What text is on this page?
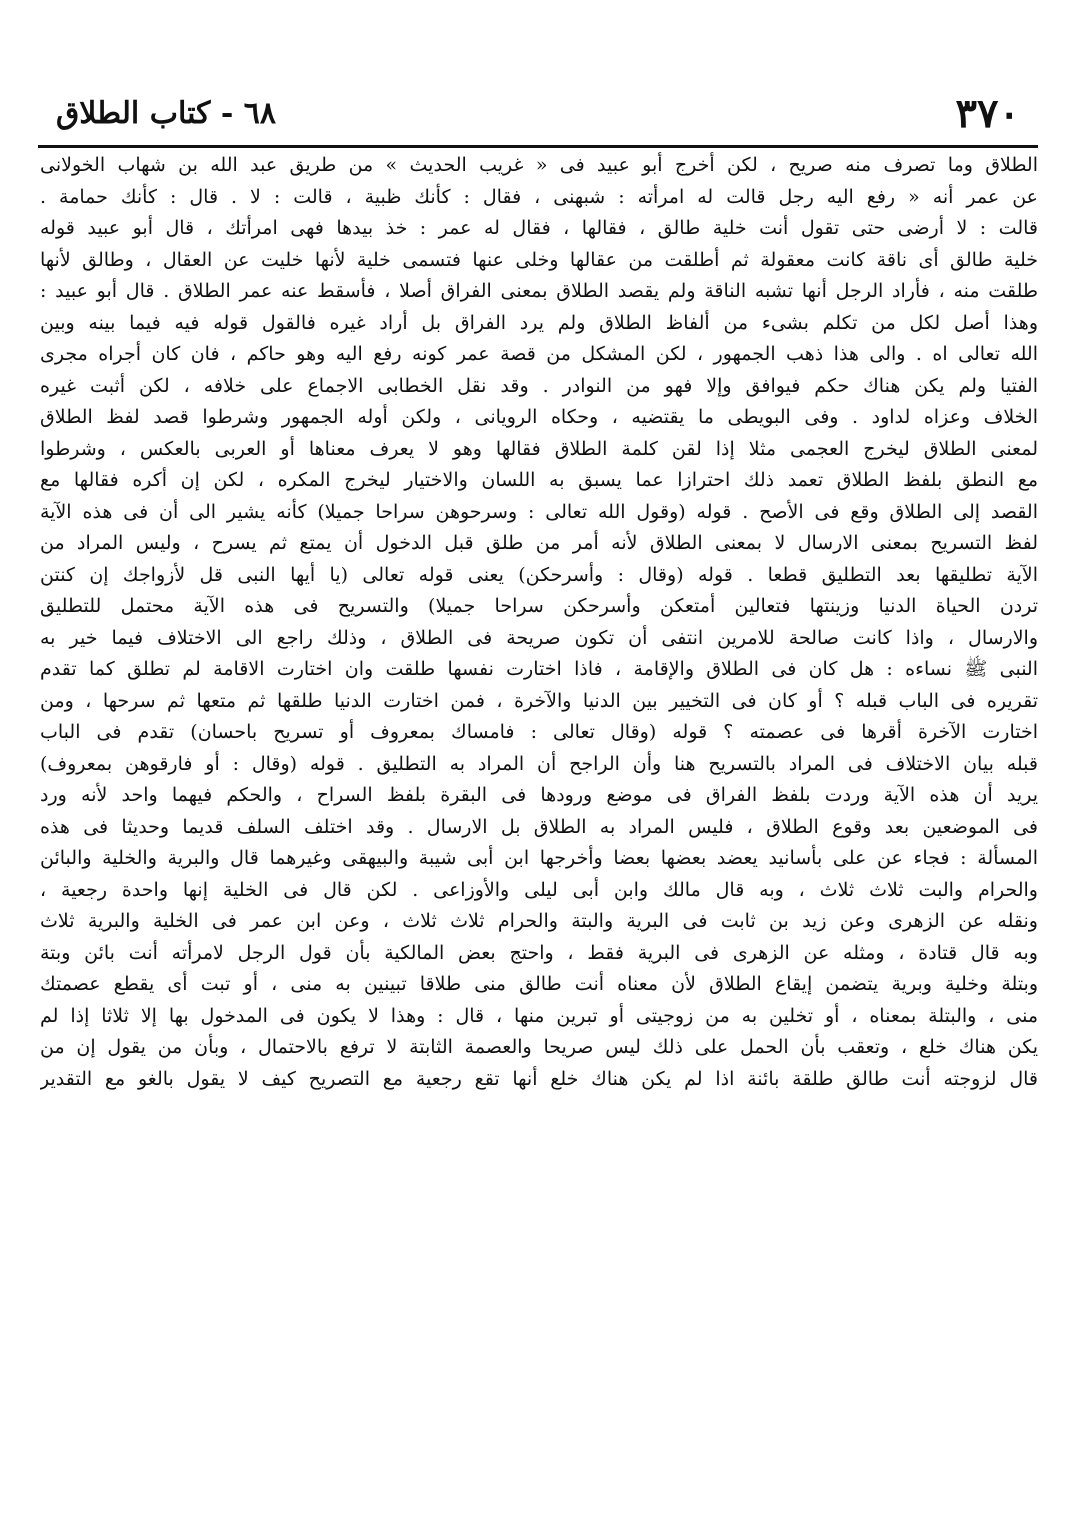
٣٧٠
٦٨ - كتاب الطلاق
الطلاق وما تصرف منه صريح ، لكن أخرج أبو عبيد فى « غريب الحديث » من طريق عبد الله بن شهاب الخولانى
عن عمر أنه « رفع اليه رجل قالت له امرأته : شبهنى ، فقال : كأنك ظبية ، قالت : لا . قال : كأنك حمامة .
قالت : لا أرضى حتى تقول أنت خلية طالق ، فقالها ، فقال له عمر : خذ بيدها فهى امرأتك ، قال أبو عبيد قوله
خلية طالق أى ناقة كانت معقولة ثم أطلقت من عقالها وخلى عنها فتسمى خلية لأنها خليت عن العقال ، وطالق لأنها
طلقت منه ، فأراد الرجل أنها تشبه الناقة ولم يقصد الطلاق بمعنى الفراق أصلا ، فأسقط عنه عمر الطلاق . قال أبو عبيد :
وهذا أصل لكل من تكلم بشىء من ألفاظ الطلاق ولم يرد الفراق بل أراد غيره فالقول قوله فيه فيما بينه وبين
الله تعالى اه . والى هذا ذهب الجمهور ، لكن المشكل من قصة عمر كونه رفع اليه وهو حاكم ، فان كان أجراه مجرى
الفتيا ولم يكن هناك حكم فيوافق وإلا فهو من النوادر . وقد نقل الخطابى الاجماع على خلافه ، لكن أثبت غيره
الخلاف وعزاه لداود . وفى البويطى ما يقتضيه ، وحكاه الرويانى ، ولكن أوله الجمهور وشرطوا قصد لفظ الطلاق
لمعنى الطلاق ليخرج العجمى مثلا إذا لقن كلمة الطلاق فقالها وهو لا يعرف معناها أو العربى بالعكس ، وشرطوا
مع النطق بلفظ الطلاق تعمد ذلك احترازا عما يسبق به اللسان والاختيار ليخرج المكره ، لكن إن أكره فقالها مع
القصد إلى الطلاق وقع فى الأصح . قوله (وقول الله تعالى : وسرحوهن سراحا جميلا) كأنه يشير الى أن فى هذه الآية
لفظ التسريح بمعنى الارسال لا بمعنى الطلاق لأنه أمر من طلق قبل الدخول أن يمتع ثم يسرح ، وليس المراد من
الآية تطليقها بعد التطليق قطعا . قوله (وقال : وأسرحكن) يعنى قوله تعالى (يا أيها النبى قل لأزواجك إن كنتن
تردن الحياة الدنيا وزينتها فتعالين أمتعكن وأسرحكن سراحا جميلا) والتسريح فى هذه الآية محتمل للتطليق
والارسال ، واذا كانت صالحة للامرين انتفى أن تكون صريحة فى الطلاق ، وذلك راجع الى الاختلاف فيما خير به
النبى ﷺ نساءه : هل كان فى الطلاق والإقامة ، فاذا اختارت نفسها طلقت وان اختارت الاقامة لم تطلق كما تقدم
تقريره فى الباب قبله ؟ أو كان فى التخيير بين الدنيا والآخرة ، فمن اختارت الدنيا طلقها ثم متعها ثم سرحها ، ومن
اختارت الآخرة أقرها فى عصمته ؟ قوله (وقال تعالى : فامساك بمعروف أو تسريح باحسان) تقدم فى الباب
قبله بيان الاختلاف فى المراد بالتسريح هنا وأن الراجح أن المراد به التطليق . قوله (وقال : أو فارقوهن بمعروف)
يريد أن هذه الآية وردت بلفظ الفراق فى موضع ورودها فى البقرة بلفظ السراح ، والحكم فيهما واحد لأنه ورد
فى الموضعين بعد وقوع الطلاق ، فليس المراد به الطلاق بل الارسال . وقد اختلف السلف قديما وحديثا فى هذه
المسألة : فجاء عن على بأسانيد يعضد بعضها بعضا وأخرجها ابن أبى شيبة والبيهقى وغيرهما قال والبرية والخلية والبائن
والحرام والبت ثلاث ثلاث ، وبه قال مالك وابن أبى ليلى والأوزاعى . لكن قال فى الخلية إنها واحدة رجعية ،
ونقله عن الزهرى وعن زيد بن ثابت فى البرية والبتة والحرام ثلاث ثلاث ، وعن ابن عمر فى الخلية والبرية ثلاث
وبه قال قتادة ، ومثله عن الزهرى فى البرية فقط ، واحتج بعض المالكية بأن قول الرجل لامرأته أنت بائن وبتة
وبتلة وخلية وبرية يتضمن إيقاع الطلاق لأن معناه أنت طالق منى طلاقا تبينين به منى ، أو تبت أى يقطع عصمتك
منى ، والبتلة بمعناه ، أو تخلين به من زوجيتى أو تبرين منها ، قال : وهذا لا يكون فى المدخول بها إلا ثلاثا إذا لم
يكن هناك خلع ، وتعقب بأن الحمل على ذلك ليس صريحا والعصمة الثابتة لا ترفع بالاحتمال ، وبأن من يقول إن من
قال لزوجته أنت طالق طلقة بائنة اذا لم يكن هناك خلع أنها تقع رجعية مع التصريح كيف لا يقول بالغو مع التقدير
